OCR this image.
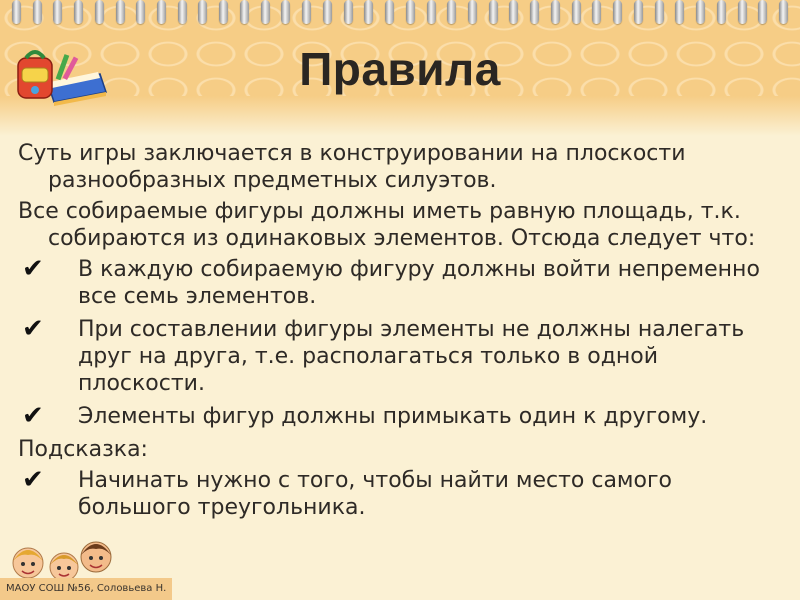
Правила
Суть игры заключается в конструировании на плоскости разнообразных предметных силуэтов.
Все собираемые фигуры должны иметь равную площадь, т.к. собираются из одинаковых элементов. Отсюда следует что:
✔ В каждую собираемую фигуру должны войти непременно все семь элементов.
✔ При составлении фигуры элементы не должны налегать друг на друга, т.е. располагаться только в одной плоскости.
✔ Элементы фигур должны примыкать один к другому.
Подсказка:
✔ Начинать нужно с того, чтобы найти место самого большого треугольника.
МАОУ СОШ №56, Соловьева Н.
